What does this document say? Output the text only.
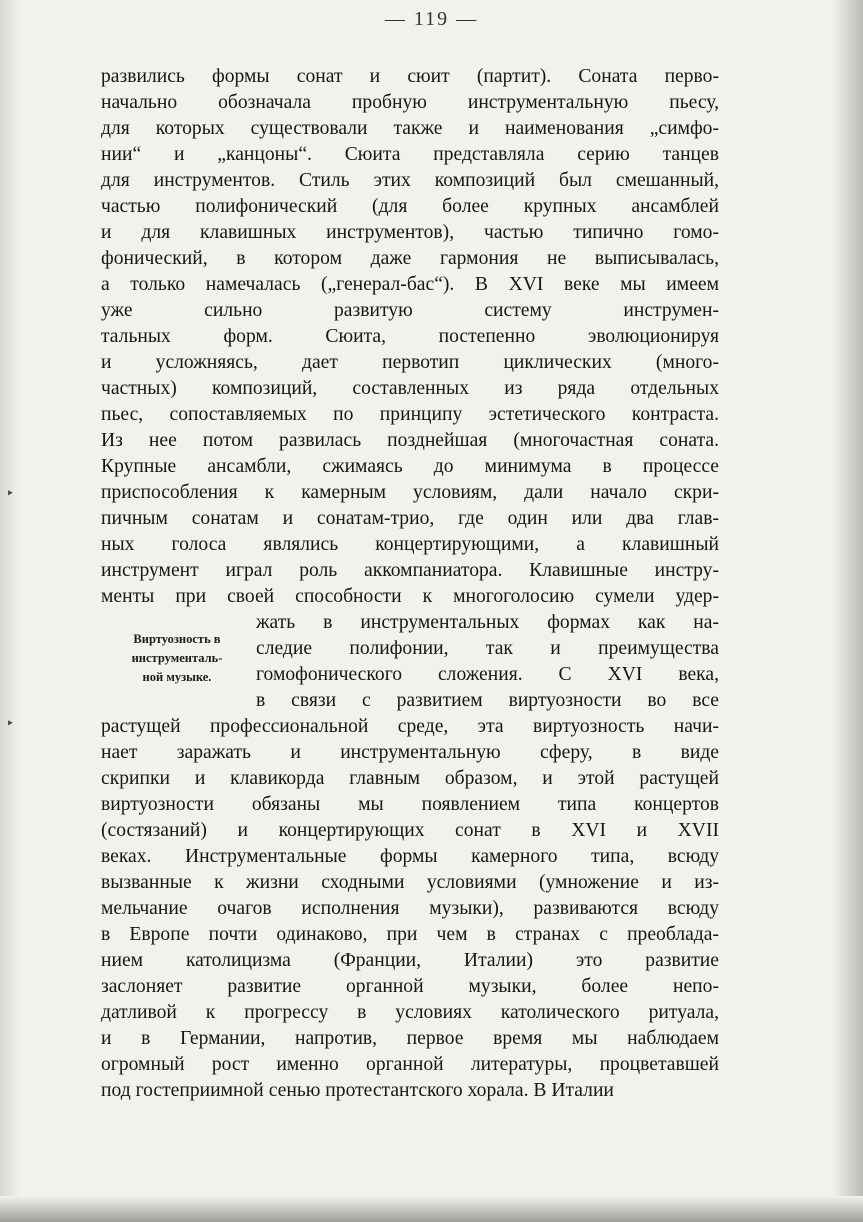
— 119 —
развились формы сонат и сюит (партит). Соната перво-
начально обозначала пробную инструментальную пьесу,
для которых существовали также и наименования „симфо-
нии“ и „канцоны“. Сюита представляла серию танцев
для инструментов. Стиль этих композиций был смешанный,
частью полифонический (для более крупных ансамблей
и для клавишных инструментов), частью типично гомо-
фонический, в котором даже гармония не выписывалась,
а только намечалась („генерал-бас“). В XVI веке мы имеем
уже сильно развитую систему инструмен-
тальных форм. Сюита, постепенно эволюционируя
и усложняясь, дает первотип циклических (много-
частных) композиций, составленных из ряда отдельных
пьес, сопоставляемых по принципу эстетического контраста.
Из нее потом развилась позднейшая (многочастная соната.
Крупные ансамбли, сжимаясь до минимума в процессе
приспособления к камерным условиям, дали начало скри-
пичным сонатам и сонатам-трио, где один или два глав-
ных голоса являлись концертирующими, а клавишный
инструмент играл роль аккомпаниатора. Клавишные инстру-
менты при своей способности к многоголосию сумели удер-
жать в инструментальных формах как на-
следие полифонии, так и преимущества
гомофонического сложения. С XVI века,
в связи с развитием виртуозности во все
растущей профессиональной среде, эта виртуозность начи-
нает заражать и инструментальную сферу, в виде
скрипки и клавикорда главным образом, и этой растущей
виртуозности обязаны мы появлением типа концертов
(состязаний) и концертирующих сонат в XVI и XVII
веках. Инструментальные формы камерного типа, всюду
вызванные к жизни сходными условиями (умножение и из-
мельчание очагов исполнения музыки), развиваются всюду
в Европе почти одинаково, при чем в странах с преоблада-
нием католицизма (Франции, Италии) это развитие
заслоняет развитие органной музыки, более непо-
датливой к прогрессу в условиях католического ритуала,
и в Германии, напротив, первое время мы наблюдаем
огромный рост именно органной литературы, процветавшей
под гостеприимной сенью протестантского хорала. В Италии
Виртуозность в
инструменталь-
ной музыке.
‣
‣
